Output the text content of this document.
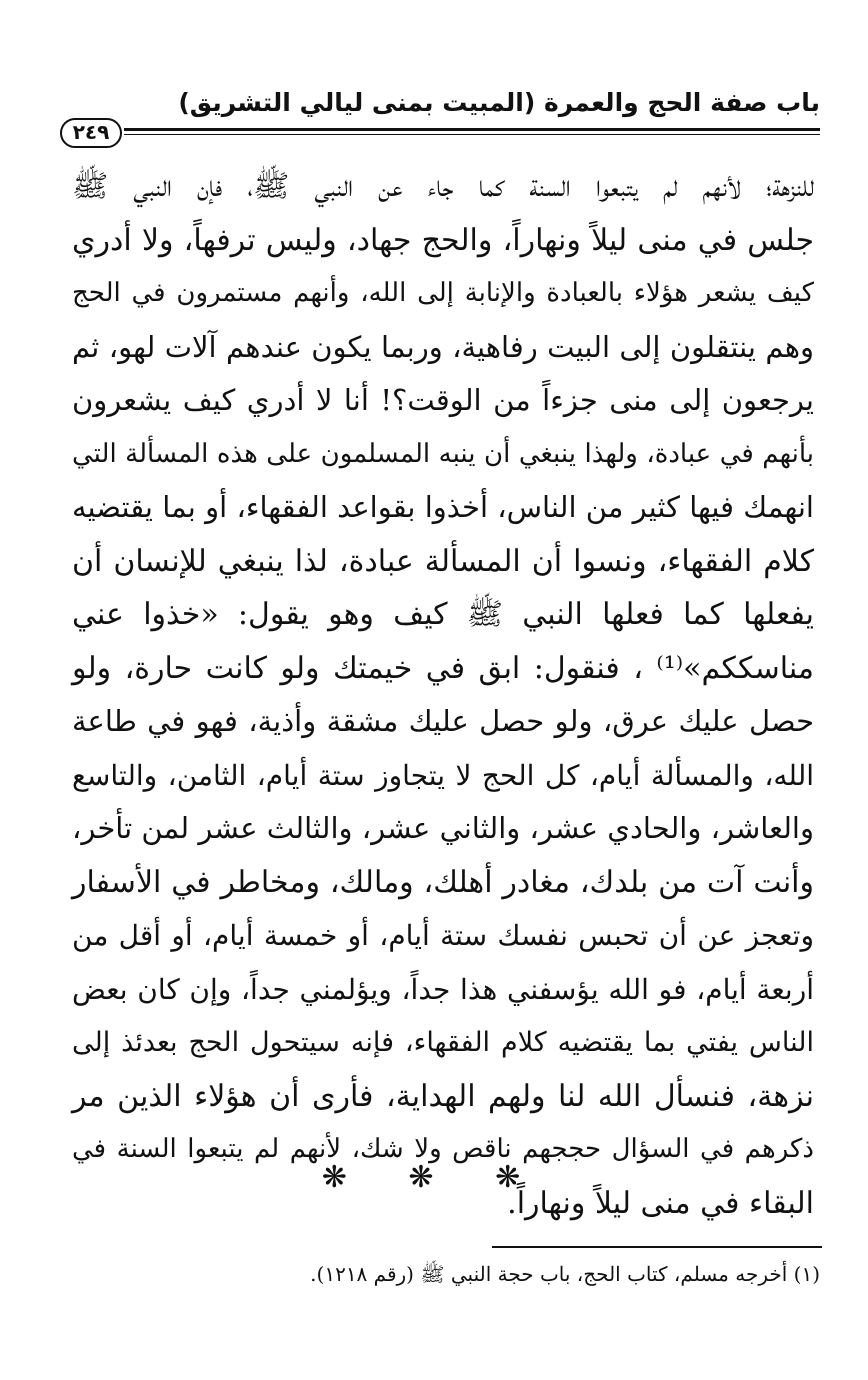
باب صفة الحج والعمرة (المبيت بمنى ليالي التشريق)
٢٤٩
للنزهة؛ لأنهم لم يتبعوا السنة كما جاء عن النبي ﷺ، فإن النبي ﷺ
جلس في منى ليلاً ونهاراً، والحج جهاد، وليس ترفهاً، ولا أدري
كيف يشعر هؤلاء بالعبادة والإنابة إلى الله، وأنهم مستمرون في الحج
وهم ينتقلون إلى البيت رفاهية، وربما يكون عندهم آلات لهو، ثم
يرجعون إلى منى جزءاً من الوقت؟! أنا لا أدري كيف يشعرون
بأنهم في عبادة، ولهذا ينبغي أن ينبه المسلمون على هذه المسألة التي
انهمك فيها كثير من الناس، أخذوا بقواعد الفقهاء، أو بما يقتضيه
كلام الفقهاء، ونسوا أن المسألة عبادة، لذا ينبغي للإنسان أن
يفعلها كما فعلها النبي ﷺ كيف وهو يقول: «خذوا عني
مناسككم»⁽¹⁾ ، فنقول: ابق في خيمتك ولو كانت حارة، ولو
حصل عليك عرق، ولو حصل عليك مشقة وأذية، فهو في طاعة
الله، والمسألة أيام، كل الحج لا يتجاوز ستة أيام، الثامن، والتاسع
والعاشر، والحادي عشر، والثاني عشر، والثالث عشر لمن تأخر،
وأنت آت من بلدك، مغادر أهلك، ومالك، ومخاطر في الأسفار
وتعجز عن أن تحبس نفسك ستة أيام، أو خمسة أيام، أو أقل من
أربعة أيام، فو الله يؤسفني هذا جداً، ويؤلمني جداً، وإن كان بعض
الناس يفتي بما يقتضيه كلام الفقهاء، فإنه سيتحول الحج بعدئذ إلى
نزهة، فنسأل الله لنا ولهم الهداية، فأرى أن هؤلاء الذين مر
ذكرهم في السؤال حججهم ناقص ولا شك، لأنهم لم يتبعوا السنة في
البقاء في منى ليلاً ونهاراً.
❋ ❋ ❋
(١) أخرجه مسلم، كتاب الحج، باب حجة النبي ﷺ (رقم ١٢١٨).
